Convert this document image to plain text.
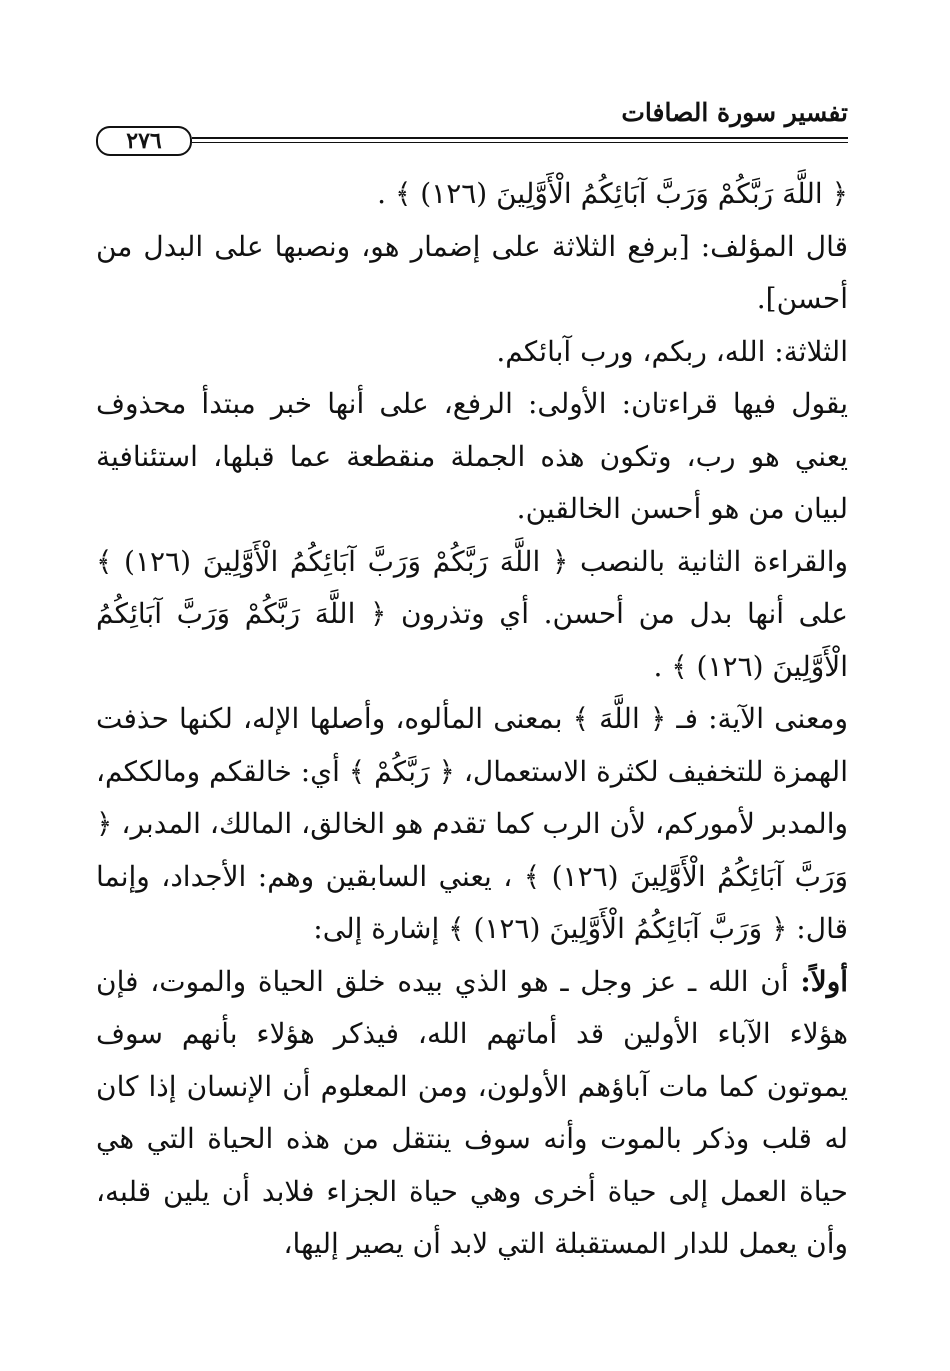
تفسير سورة الصافات
٢٧٦

﴿ اللَّهَ رَبَّكُمْ وَرَبَّ آبَائِكُمُ الْأَوَّلِينَ (١٢٦) ﴾ .

قال المؤلف: [برفع الثلاثة على إضمار هو، ونصبها على البدل من أحسن].

الثلاثة: الله، ربكم، ورب آبائكم.

يقول فيها قراءتان: الأولى: الرفع، على أنها خبر مبتدأ محذوف يعني هو رب، وتكون هذه الجملة منقطعة عما قبلها، استئنافية لبيان من هو أحسن الخالقين.

والقراءة الثانية بالنصب ﴿ اللَّهَ رَبَّكُمْ وَرَبَّ آبَائِكُمُ الْأَوَّلِينَ (١٢٦) ﴾ على أنها بدل من أحسن. أي وتذرون ﴿ اللَّهَ رَبَّكُمْ وَرَبَّ آبَائِكُمُ الْأَوَّلِينَ (١٢٦) ﴾ .

ومعنى الآية: فـ ﴿ اللَّهَ ﴾ بمعنى المألوه، وأصلها الإله، لكنها حذفت الهمزة للتخفيف لكثرة الاستعمال، ﴿ رَبَّكُمْ ﴾ أي: خالقكم ومالككم، والمدبر لأموركم، لأن الرب كما تقدم هو الخالق، المالك، المدبر، ﴿ وَرَبَّ آبَائِكُمُ الْأَوَّلِينَ (١٢٦) ﴾ ، يعني السابقين وهم: الأجداد، وإنما قال: ﴿ وَرَبَّ آبَائِكُمُ الْأَوَّلِينَ (١٢٦) ﴾ إشارة إلى:

أولاً: أن الله ـ عز وجل ـ هو الذي بيده خلق الحياة والموت، فإن هؤلاء الآباء الأولين قد أماتهم الله، فيذكر هؤلاء بأنهم سوف يموتون كما مات آباؤهم الأولون، ومن المعلوم أن الإنسان إذا كان له قلب وذكر بالموت وأنه سوف ينتقل من هذه الحياة التي هي حياة العمل إلى حياة أخرى وهي حياة الجزاء فلابد أن يلين قلبه، وأن يعمل للدار المستقبلة التي لابد أن يصير إليها،
